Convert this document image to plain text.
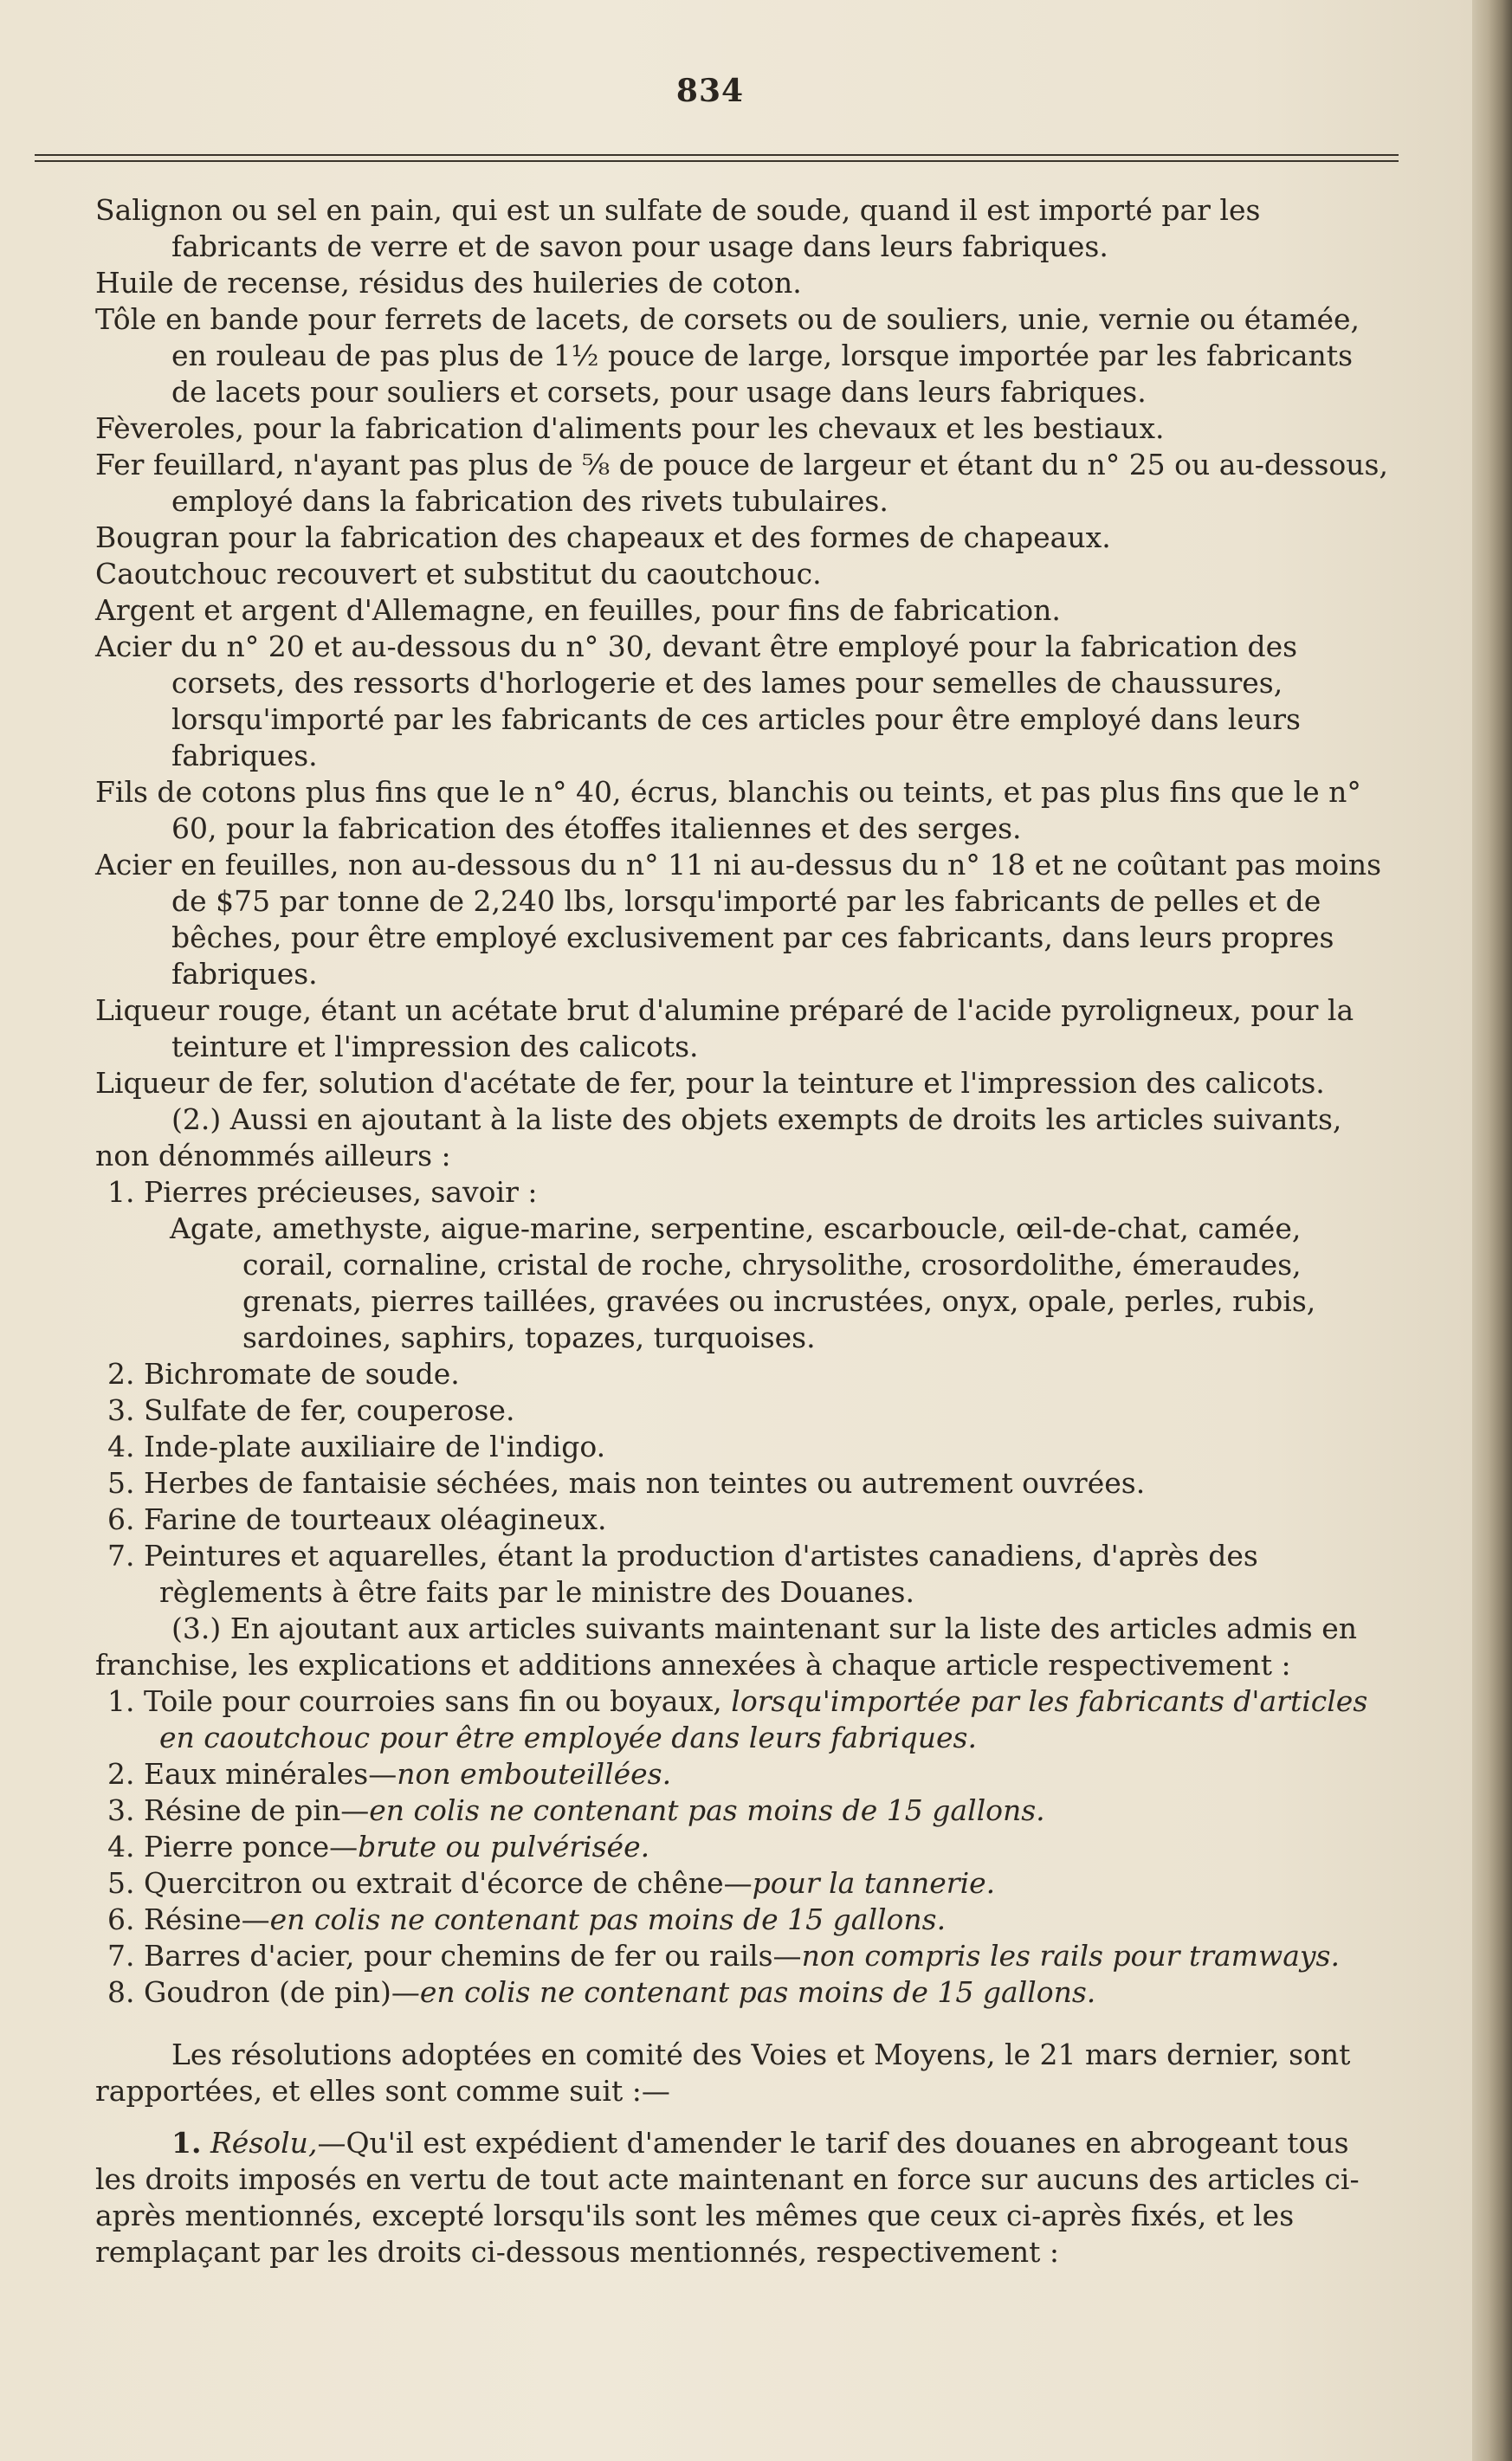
834

Salignon ou sel en pain, qui est un sulfate de soude, quand il est importé par les fabricants de verre et de savon pour usage dans leurs fabriques.

Huile de recense, résidus des huileries de coton.

Tôle en bande pour ferrets de lacets, de corsets ou de souliers, unie, vernie ou étamée, en rouleau de pas plus de 1½ pouce de large, lorsque importée par les fabricants de lacets pour souliers et corsets, pour usage dans leurs fabriques.

Fèveroles, pour la fabrication d'aliments pour les chevaux et les bestiaux.

Fer feuillard, n'ayant pas plus de ⅝ de pouce de largeur et étant du n° 25 ou au-dessous, employé dans la fabrication des rivets tubulaires.

Bougran pour la fabrication des chapeaux et des formes de chapeaux.

Caoutchouc recouvert et substitut du caoutchouc.

Argent et argent d'Allemagne, en feuilles, pour fins de fabrication.

Acier du n° 20 et au-dessous du n° 30, devant être employé pour la fabrication des corsets, des ressorts d'horlogerie et des lames pour semelles de chaussures, lorsqu'importé par les fabricants de ces articles pour être employé dans leurs fabriques.

Fils de cotons plus fins que le n° 40, écrus, blanchis ou teints, et pas plus fins que le n° 60, pour la fabrication des étoffes italiennes et des serges.

Acier en feuilles, non au-dessous du n° 11 ni au-dessus du n° 18 et ne coûtant pas moins de $75 par tonne de 2,240 lbs, lorsqu'importé par les fabricants de pelles et de bêches, pour être employé exclusivement par ces fabricants, dans leurs propres fabriques.

Liqueur rouge, étant un acétate brut d'alumine préparé de l'acide pyroligneux, pour la teinture et l'impression des calicots.

Liqueur de fer, solution d'acétate de fer, pour la teinture et l'impression des calicots.

(2.) Aussi en ajoutant à la liste des objets exempts de droits les articles suivants, non dénommés ailleurs :

1. Pierres précieuses, savoir :

Agate, amethyste, aigue-marine, serpentine, escarboucle, œil-de-chat, camée, corail, cornaline, cristal de roche, chrysolithe, crosordolithe, émeraudes, grenats, pierres taillées, gravées ou incrustées, onyx, opale, perles, rubis, sardoines, saphirs, topazes, turquoises.

2. Bichromate de soude.

3. Sulfate de fer, couperose.

4. Inde-plate auxiliaire de l'indigo.

5. Herbes de fantaisie séchées, mais non teintes ou autrement ouvrées.

6. Farine de tourteaux oléagineux.

7. Peintures et aquarelles, étant la production d'artistes canadiens, d'après des règlements à être faits par le ministre des Douanes.

(3.) En ajoutant aux articles suivants maintenant sur la liste des articles admis en franchise, les explications et additions annexées à chaque article respectivement :

1. Toile pour courroies sans fin ou boyaux, lorsqu'importée par les fabricants d'articles en caoutchouc pour être employée dans leurs fabriques.

2. Eaux minérales—non embouteillées.

3. Résine de pin—en colis ne contenant pas moins de 15 gallons.

4. Pierre ponce—brute ou pulvérisée.

5. Quercitron ou extrait d'écorce de chêne—pour la tannerie.

6. Résine—en colis ne contenant pas moins de 15 gallons.

7. Barres d'acier, pour chemins de fer ou rails—non compris les rails pour tramways.

8. Goudron (de pin)—en colis ne contenant pas moins de 15 gallons.

Les résolutions adoptées en comité des Voies et Moyens, le 21 mars dernier, sont rapportées, et elles sont comme suit :—

1. Résolu,—Qu'il est expédient d'amender le tarif des douanes en abrogeant tous les droits imposés en vertu de tout acte maintenant en force sur aucuns des articles ci-après mentionnés, excepté lorsqu'ils sont les mêmes que ceux ci-après fixés, et les remplaçant par les droits ci-dessous mentionnés, respectivement :
